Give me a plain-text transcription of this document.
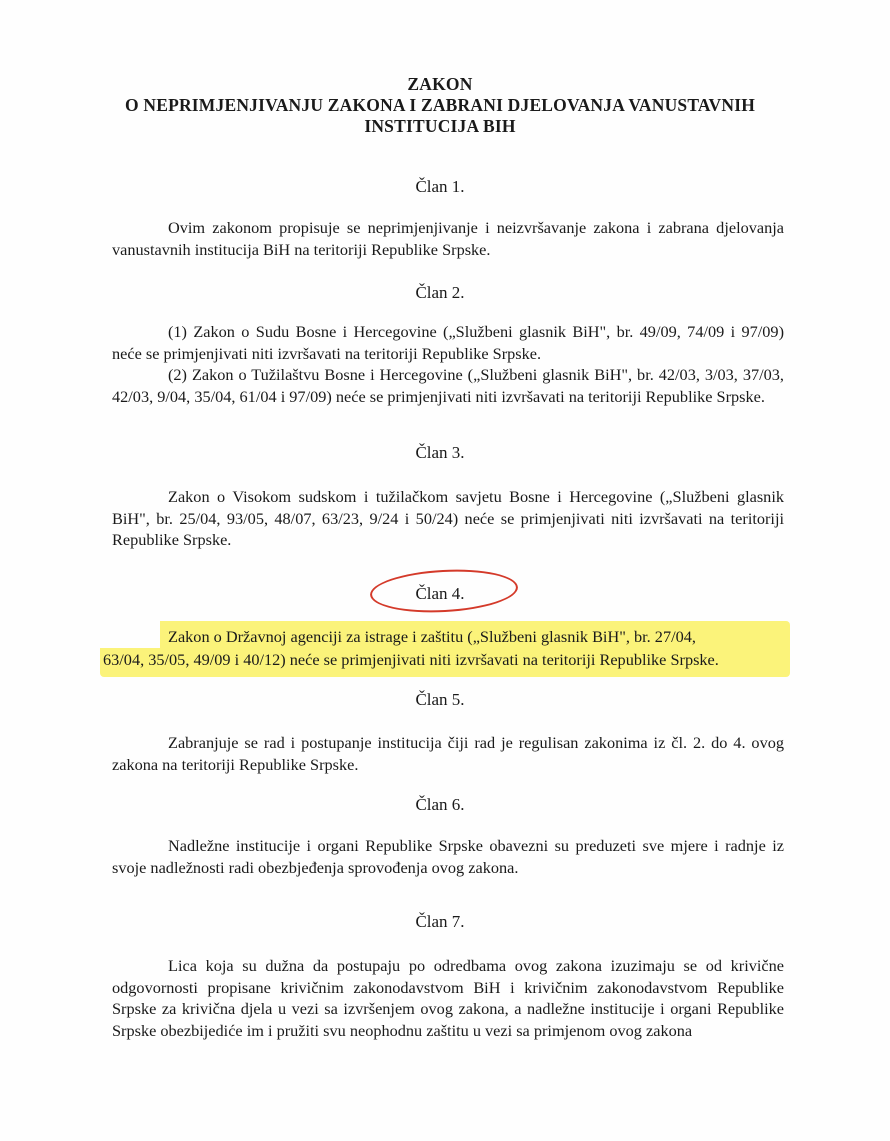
ZAKON
O NEPRIMJENJIVANJU ZAKONA I ZABRANI DJELOVANJA VANUSTAVNIH
INSTITUCIJA BIH
Član 1.
Ovim zakonom propisuje se neprimjenjivanje i neizvršavanje zakona i zabrana djelovanja vanustavnih institucija BiH na teritoriji Republike Srpske.
Član 2.
(1) Zakon o Sudu Bosne i Hercegovine („Službeni glasnik BiH", br. 49/09, 74/09 i 97/09) neće se primjenjivati niti izvršavati na teritoriji Republike Srpske.
(2) Zakon o Tužilaštvu Bosne i Hercegovine („Službeni glasnik BiH", br. 42/03, 3/03, 37/03, 42/03, 9/04, 35/04, 61/04 i 97/09) neće se primjenjivati niti izvršavati na teritoriji Republike Srpske.
Član 3.
Zakon o Visokom sudskom i tužilačkom savjetu Bosne i Hercegovine („Službeni glasnik BiH", br. 25/04, 93/05, 48/07, 63/23, 9/24 i 50/24) neće se primjenjivati niti izvršavati na teritoriji Republike Srpske.
Član 4.
Zakon o Državnoj agenciji za istrage i zaštitu („Službeni glasnik BiH", br. 27/04,
63/04, 35/05, 49/09 i 40/12) neće se primjenjivati niti izvršavati na teritoriji Republike Srpske.
Član 5.
Zabranjuje se rad i postupanje institucija čiji rad je regulisan zakonima iz čl. 2. do 4. ovog zakona na teritoriji Republike Srpske.
Član 6.
Nadležne institucije i organi Republike Srpske obavezni su preduzeti sve mjere i radnje iz svoje nadležnosti radi obezbjeđenja sprovođenja ovog zakona.
Član 7.
Lica koja su dužna da postupaju po odredbama ovog zakona izuzimaju se od krivične odgovornosti propisane krivičnim zakonodavstvom BiH i krivičnim zakonodavstvom Republike Srpske za krivična djela u vezi sa izvršenjem ovog zakona, a nadležne institucije i organi Republike Srpske obezbijediće im i pružiti svu neophodnu zaštitu u vezi sa primjenom ovog zakona
